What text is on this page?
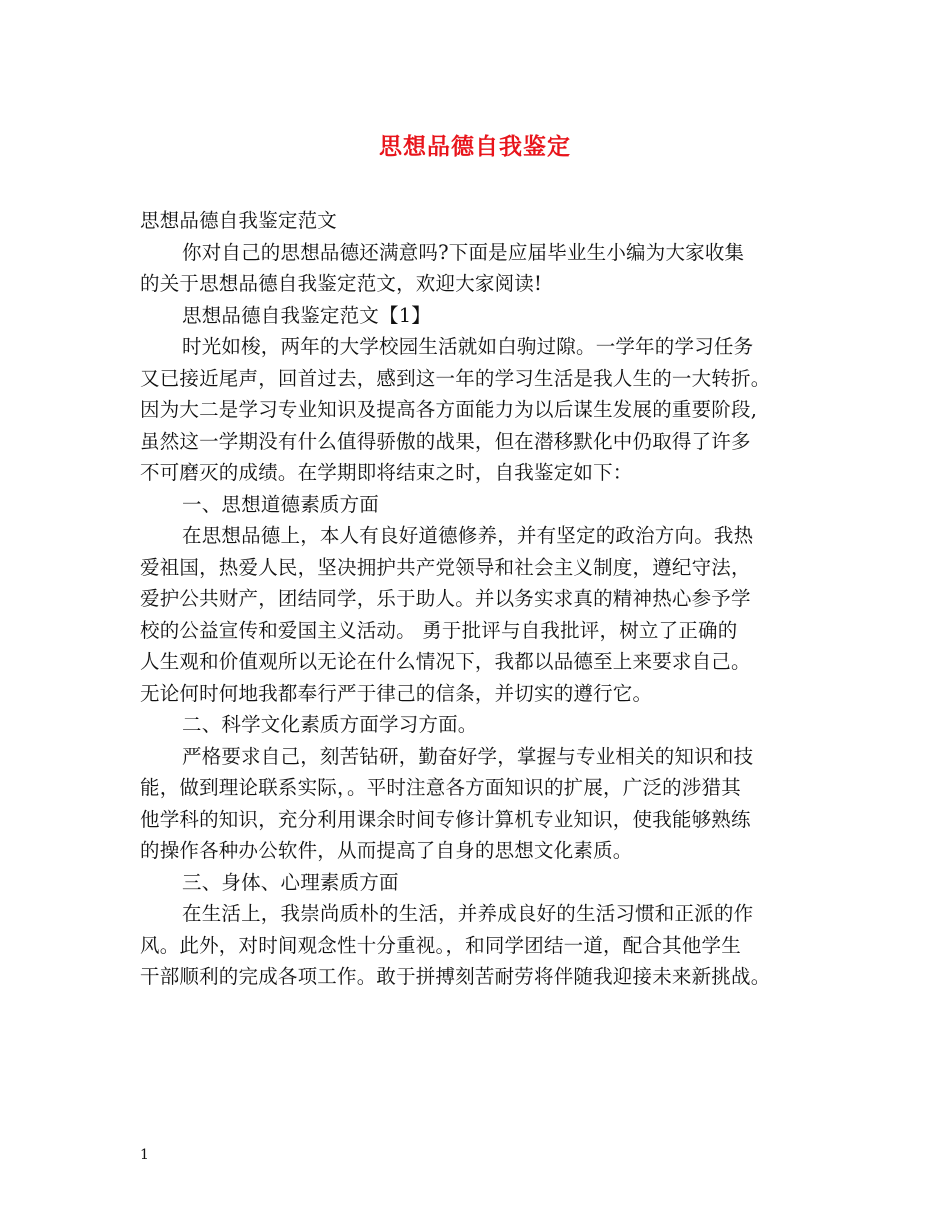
思想品德自我鉴定
思想品德自我鉴定范文
你对自己的思想品德还满意吗?下面是应届毕业生小编为大家收集
的关于思想品德自我鉴定范文，欢迎大家阅读!
思想品德自我鉴定范文【1】
时光如梭，两年的大学校园生活就如白驹过隙。一学年的学习任务
又已接近尾声，回首过去，感到这一年的学习生活是我人生的一大转折。
因为大二是学习专业知识及提高各方面能力为以后谋生发展的重要阶段,
虽然这一学期没有什么值得骄傲的战果，但在潜移默化中仍取得了许多
不可磨灭的成绩。在学期即将结束之时，自我鉴定如下：
一、思想道德素质方面
在思想品德上，本人有良好道德修养，并有坚定的政治方向。我热
爱祖国，热爱人民，坚决拥护共产党领导和社会主义制度，遵纪守法，
爱护公共财产，团结同学，乐于助人。并以务实求真的精神热心参予学
校的公益宣传和爱国主义活动。 勇于批评与自我批评，树立了正确的
人生观和价值观所以无论在什么情况下，我都以品德至上来要求自己。
无论何时何地我都奉行严于律己的信条，并切实的遵行它。
二、科学文化素质方面学习方面。
严格要求自己，刻苦钻研，勤奋好学，掌握与专业相关的知识和技
能，做到理论联系实际，。平时注意各方面知识的扩展，广泛的涉猎其
他学科的知识，充分利用课余时间专修计算机专业知识，使我能够熟练
的操作各种办公软件，从而提高了自身的思想文化素质。
三、身体、心理素质方面
在生活上，我崇尚质朴的生活，并养成良好的生活习惯和正派的作
风。此外，对时间观念性十分重视。，和同学团结一道，配合其他学生
干部顺利的完成各项工作。敢于拼搏刻苦耐劳将伴随我迎接未来新挑战。
1
